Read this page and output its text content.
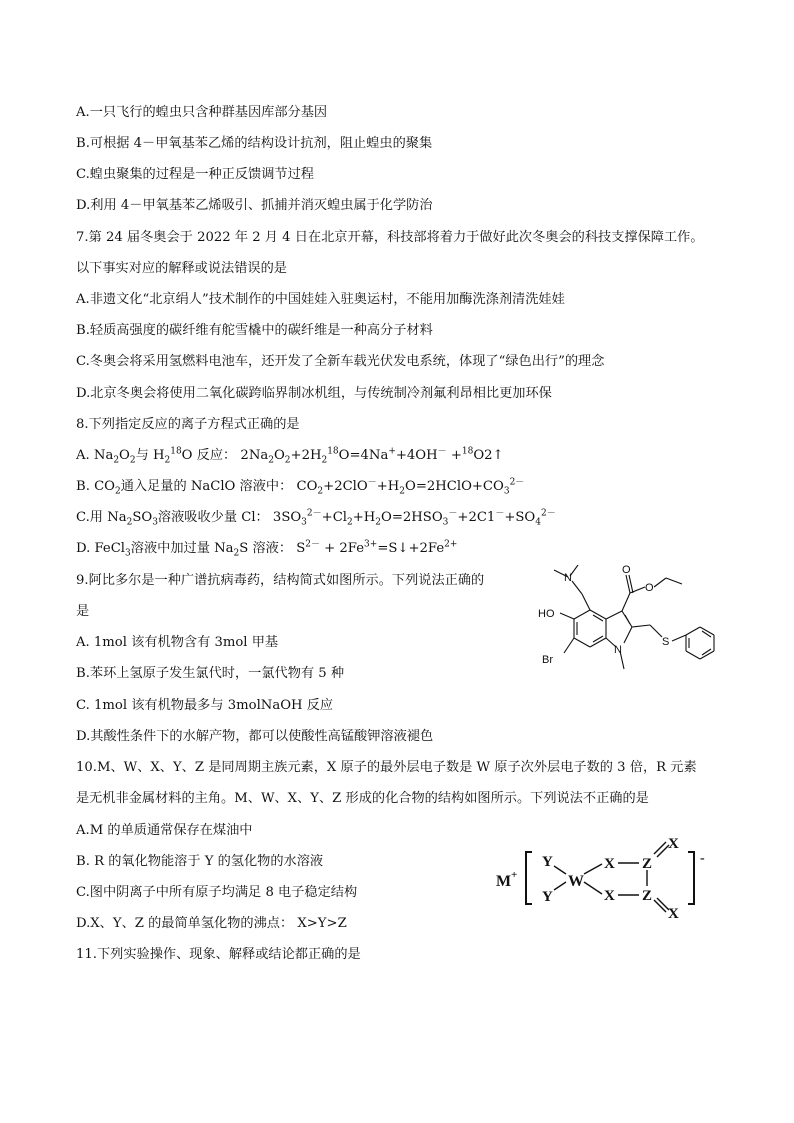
A.一只飞行的蝗虫只含种群基因库部分基因
B.可根据 4－甲氧基苯乙烯的结构设计抗剂，阻止蝗虫的聚集
C.蝗虫聚集的过程是一种正反馈调节过程
D.利用 4－甲氧基苯乙烯吸引、抓捕并消灭蝗虫属于化学防治
7.第 24 届冬奥会于 2022 年 2 月 4 日在北京开幕，科技部将着力于做好此次冬奥会的科技支撑保障工作。
以下事实对应的解释或说法错误的是
A.非遗文化“北京绢人”技术制作的中国娃娃入驻奥运村，不能用加酶洗涤剂清洗娃娃
B.轻质高强度的碳纤维有舵雪橇中的碳纤维是一种高分子材料
C.冬奥会将采用氢燃料电池车，还开发了全新车载光伏发电系统，体现了“绿色出行”的理念
D.北京冬奥会将使用二氧化碳跨临界制冰机组，与传统制冷剂氟利昂相比更加环保
8.下列指定反应的离子方程式正确的是
A. $Na_2O_2$与 $H_2^{18}O$ 反应： $2Na_2O_2+2H_2^{18}O=4Na^++4OH^-$ +$^{18}$O2↑
B. $CO_2$通入足量的 NaClO 溶液中： $CO_2+2ClO^-+H_2O=2HClO+CO_3^{2-}$
C.用 $Na_2SO_3$溶液吸收少量 Cl： $3SO_3^{2-}+Cl_2+H_2O=2HSO_3^-+2C1^-+SO_4^{2-}$
D. FeCl$_3$溶液中加过量 $Na_2S$ 溶液： $S^{2-}$ + $2Fe^{3+}=S↓+2Fe^{2+}$
9.阿比多尔是一种广谱抗病毒药，结构简式如图所示。下列说法正确的
是
A. 1mol 该有机物含有 3mol 甲基
B.苯环上氢原子发生氯代时，一氯代物有 5 种
C. 1mol 该有机物最多与 3molNaOH 反应
D.其酸性条件下的水解产物，都可以使酸性高锰酸钾溶液褪色
HO
Br
N
N
S
O
O
10.M、W、X、Y、Z 是同周期主族元素，X 原子的最外层电子数是 W 原子次外层电子数的 3 倍，R 元素
是无机非金属材料的主角。M、W、X、Y、Z 形成的化合物的结构如图所示。下列说法不正确的是
A.M 的单质通常保存在煤油中
B. R 的氧化物能溶于 Y 的氢化物的水溶液
C.图中阴离子中所有原子均满足 8 电子稳定结构
D.X、Y、Z 的最简单氢化物的沸点： X>Y>Z
M +
-
Y
Y
W
X
X
Z
Z
X
X
11.下列实验操作、现象、解释或结论都正确的是
